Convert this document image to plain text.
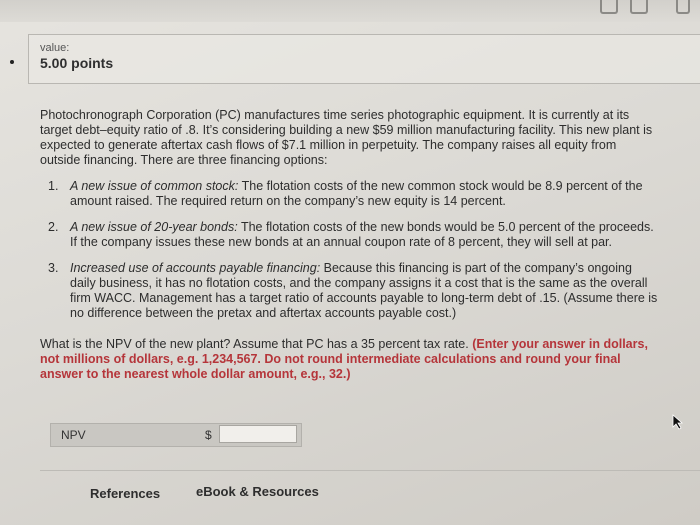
value:
5.00 points

Photochronograph Corporation (PC) manufactures time series photographic equipment. It is currently at its target debt–equity ratio of .8. It’s considering building a new $59 million manufacturing facility. This new plant is expected to generate aftertax cash flows of $7.1 million in perpetuity. The company raises all equity from outside financing. There are three financing options:

1. A new issue of common stock: The flotation costs of the new common stock would be 8.9 percent of the amount raised. The required return on the company’s new equity is 14 percent.
2. A new issue of 20-year bonds: The flotation costs of the new bonds would be 5.0 percent of the proceeds. If the company issues these new bonds at an annual coupon rate of 8 percent, they will sell at par.
3. Increased use of accounts payable financing: Because this financing is part of the company’s ongoing daily business, it has no flotation costs, and the company assigns it a cost that is the same as the overall firm WACC. Management has a target ratio of accounts payable to long-term debt of .15. (Assume there is no difference between the pretax and aftertax accounts payable cost.)

What is the NPV of the new plant? Assume that PC has a 35 percent tax rate. (Enter your answer in dollars, not millions of dollars, e.g. 1,234,567. Do not round intermediate calculations and round your final answer to the nearest whole dollar amount, e.g., 32.)

NPV	$
References	eBook & Resources
